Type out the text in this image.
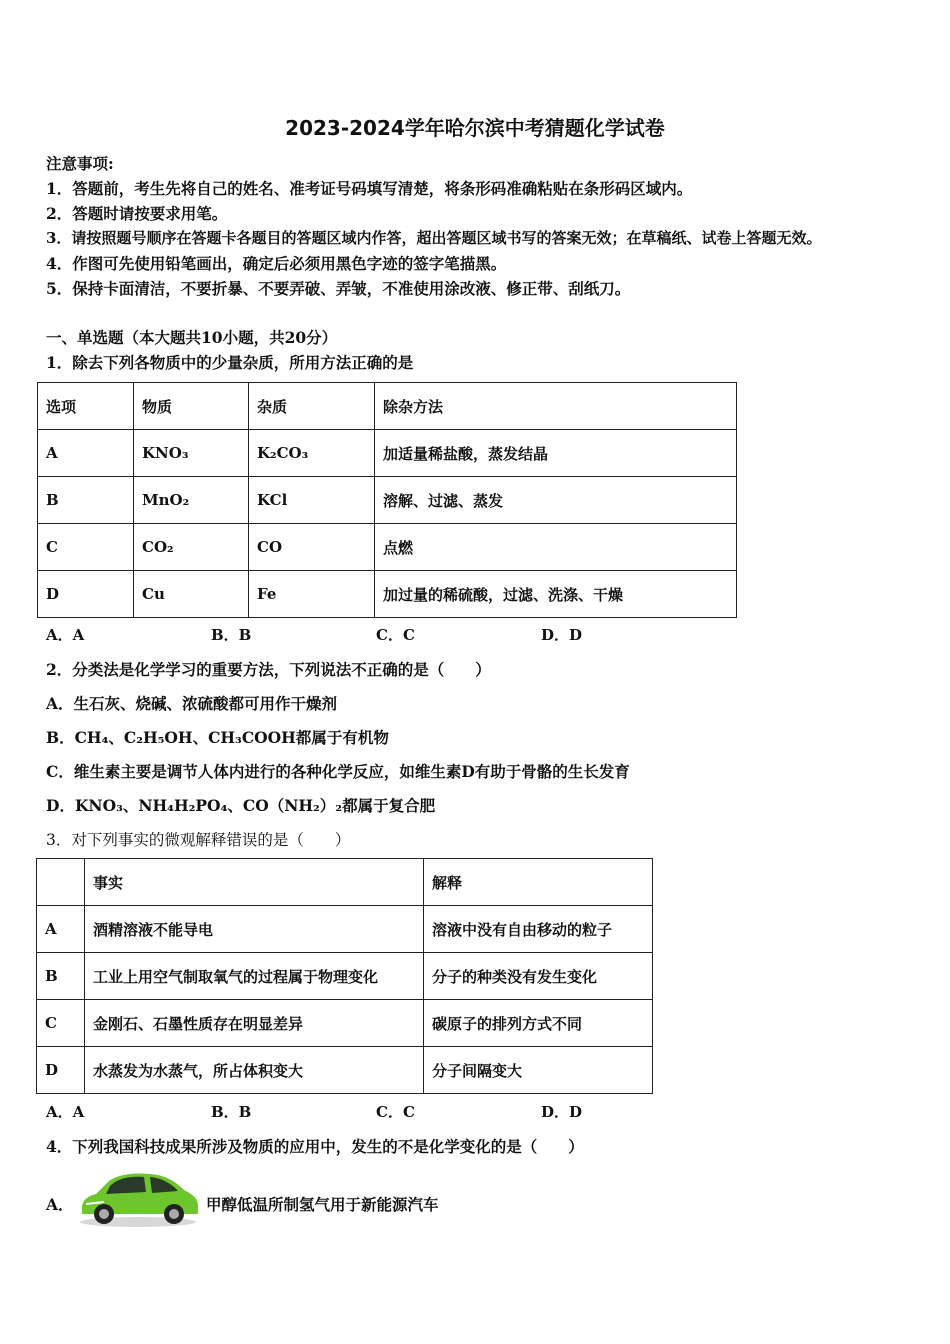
2023-2024学年哈尔滨中考猜题化学试卷
注意事项:
1．答题前，考生先将自己的姓名、准考证号码填写清楚，将条形码准确粘贴在条形码区域内。
2．答题时请按要求用笔。
3．请按照题号顺序在答题卡各题目的答题区域内作答，超出答题区域书写的答案无效；在草稿纸、试卷上答题无效。
4．作图可先使用铅笔画出，确定后必须用黑色字迹的签字笔描黑。
5．保持卡面清洁，不要折暴、不要弄破、弄皱，不准使用涂改液、修正带、刮纸刀。
一、单选题（本大题共10小题，共20分）
1．除去下列各物质中的少量杂质，所用方法正确的是
选项	物质	杂质	除杂方法
A	KNO₃	K₂CO₃	加适量稀盐酸，蒸发结晶
B	MnO₂	KCl	溶解、过滤、蒸发
C	CO₂	CO	点燃
D	Cu	Fe	加过量的稀硫酸，过滤、洗涤、干燥
A．A	B．B	C．C	D．D
2．分类法是化学学习的重要方法，下列说法不正确的是（　　）
A．生石灰、烧碱、浓硫酸都可用作干燥剂
B．CH₄、C₂H₅OH、CH₃COOH都属于有机物
C．维生素主要是调节人体内进行的各种化学反应，如维生素D有助于骨骼的生长发育
D．KNO₃、NH₄H₂PO₄、CO（NH₂）₂都属于复合肥
3．对下列事实的微观解释错误的是（　　）
	事实	解释
A	酒精溶液不能导电	溶液中没有自由移动的粒子
B	工业上用空气制取氧气的过程属于物理变化	分子的种类没有发生变化
C	金刚石、石墨性质存在明显差异	碳原子的排列方式不同
D	水蒸发为水蒸气，所占体积变大	分子间隔变大
A．A	B．B	C．C	D．D
4．下列我国科技成果所涉及物质的应用中，发生的不是化学变化的是（　　）
A．	甲醇低温所制氢气用于新能源汽车
